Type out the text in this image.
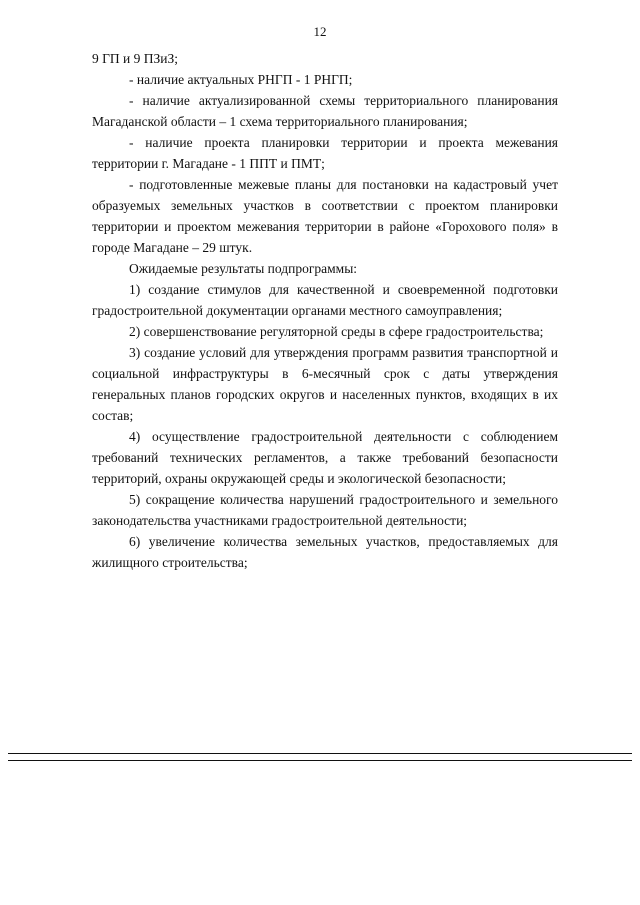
12

9 ГП и 9 ПЗиЗ;

- наличие актуальных РНГП - 1 РНГП;

- наличие актуализированной схемы территориального планирования Магаданской области – 1 схема территориального планирования;

- наличие проекта планировки территории и проекта межевания территории г. Магадане - 1 ППТ и ПМТ;

- подготовленные межевые планы для постановки на кадастровый учет образуемых земельных участков в соответствии с проектом планировки территории и проектом межевания территории в районе «Горохового поля» в городе Магадане – 29 штук.

Ожидаемые результаты подпрограммы:

1) создание стимулов для качественной и своевременной подготовки градостроительной документации органами местного самоуправления;

2) совершенствование регуляторной среды в сфере градостроительства;

3) создание условий для утверждения программ развития транспортной и социальной инфраструктуры в 6-месячный срок с даты утверждения генеральных планов городских округов и населенных пунктов, входящих в их состав;

4) осуществление градостроительной деятельности с соблюдением требований технических регламентов, а также требований безопасности территорий, охраны окружающей среды и экологической безопасности;

5) сокращение количества нарушений градостроительного и земельного законодательства участниками градостроительной деятельности;

6) увеличение количества земельных участков, предоставляемых для жилищного строительства;
